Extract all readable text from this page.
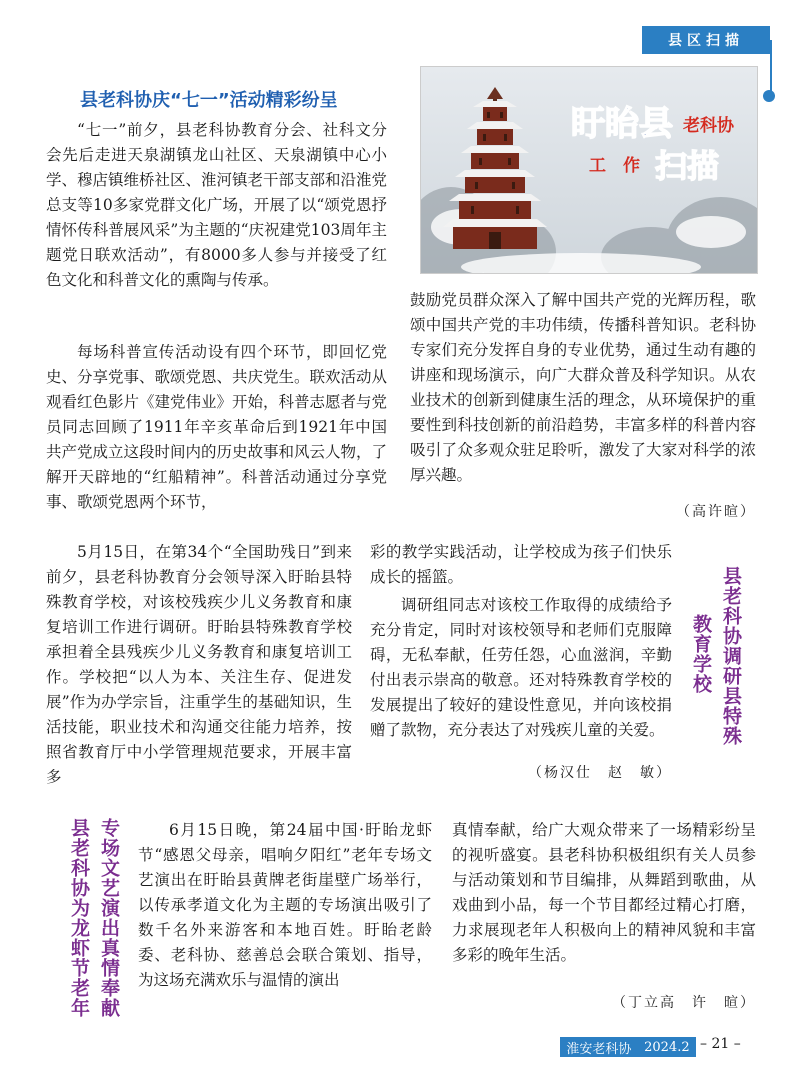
县区扫描
县老科协庆“七一”活动精彩纷呈
盱眙县 老科协
工　作 扫描

“七一”前夕，县老科协教育分会、社科文分会先后走进天泉湖镇龙山社区、天泉湖镇中心小学、穆店镇维桥社区、淮河镇老干部支部和沿淮党总支等10多家党群文化广场，开展了以“颂党恩抒情怀传科普展风采”为主题的“庆祝建党103周年主题党日联欢活动”，有8000多人参与并接受了红色文化和科普文化的熏陶与传承。

每场科普宣传活动设有四个环节，即回忆党史、分享党事、歌颂党恩、共庆党生。联欢活动从观看红色影片《建党伟业》开始，科普志愿者与党员同志回顾了1911年辛亥革命后到1921年中国共产党成立这段时间内的历史故事和风云人物，了解开天辟地的“红船精神”。科普活动通过分享党事、歌颂党恩两个环节，

鼓励党员群众深入了解中国共产党的光辉历程，歌颂中国共产党的丰功伟绩，传播科普知识。老科协专家们充分发挥自身的专业优势，通过生动有趣的讲座和现场演示，向广大群众普及科学知识。从农业技术的创新到健康生活的理念，从环境保护的重要性到科技创新的前沿趋势，丰富多样的科普内容吸引了众多观众驻足聆听，激发了大家对科学的浓厚兴趣。

（高许暄）

5月15日，在第34个“全国助残日”到来前夕，县老科协教育分会领导深入盱眙县特殊教育学校，对该校残疾少儿义务教育和康复培训工作进行调研。盱眙县特殊教育学校承担着全县残疾少儿义务教育和康复培训工作。学校把“以人为本、关注生存、促进发展”作为办学宗旨，注重学生的基础知识，生活技能，职业技术和沟通交往能力培养，按照省教育厅中小学管理规范要求，开展丰富多

彩的教学实践活动，让学校成为孩子们快乐成长的摇篮。

调研组同志对该校工作取得的成绩给予充分肯定，同时对该校领导和老师们克服障碍，无私奉献，任劳任怨，心血滋润，辛勤付出表示崇高的敬意。还对特殊教育学校的发展提出了较好的建设性意见，并向该校捐赠了款物，充分表达了对残疾儿童的关爱。

（杨汉仕　赵　敏）
县老科协调研县特殊
教育学校
县老科协为龙虾节老年 专场文艺演出真情奉献	6月15日晚，第24届中国·盱眙龙虾节“感恩父母亲，唱响夕阳红”老年专场文艺演出在盱眙县黄牌老街崖壁广场举行，以传承孝道文化为主题的专场演出吸引了数千名外来游客和本地百姓。盱眙老龄委、老科协、慈善总会联合策划、指导，为这场充满欢乐与温情的演出

真情奉献，给广大观众带来了一场精彩纷呈的视听盛宴。县老科协积极组织有关人员参与活动策划和节目编排，从舞蹈到歌曲，从戏曲到小品，每一个节目都经过精心打磨，力求展现老年人积极向上的精神风貌和丰富多彩的晚年生活。

（丁立高　许　暄）
淮安老科协 2024.2 – 21 –
